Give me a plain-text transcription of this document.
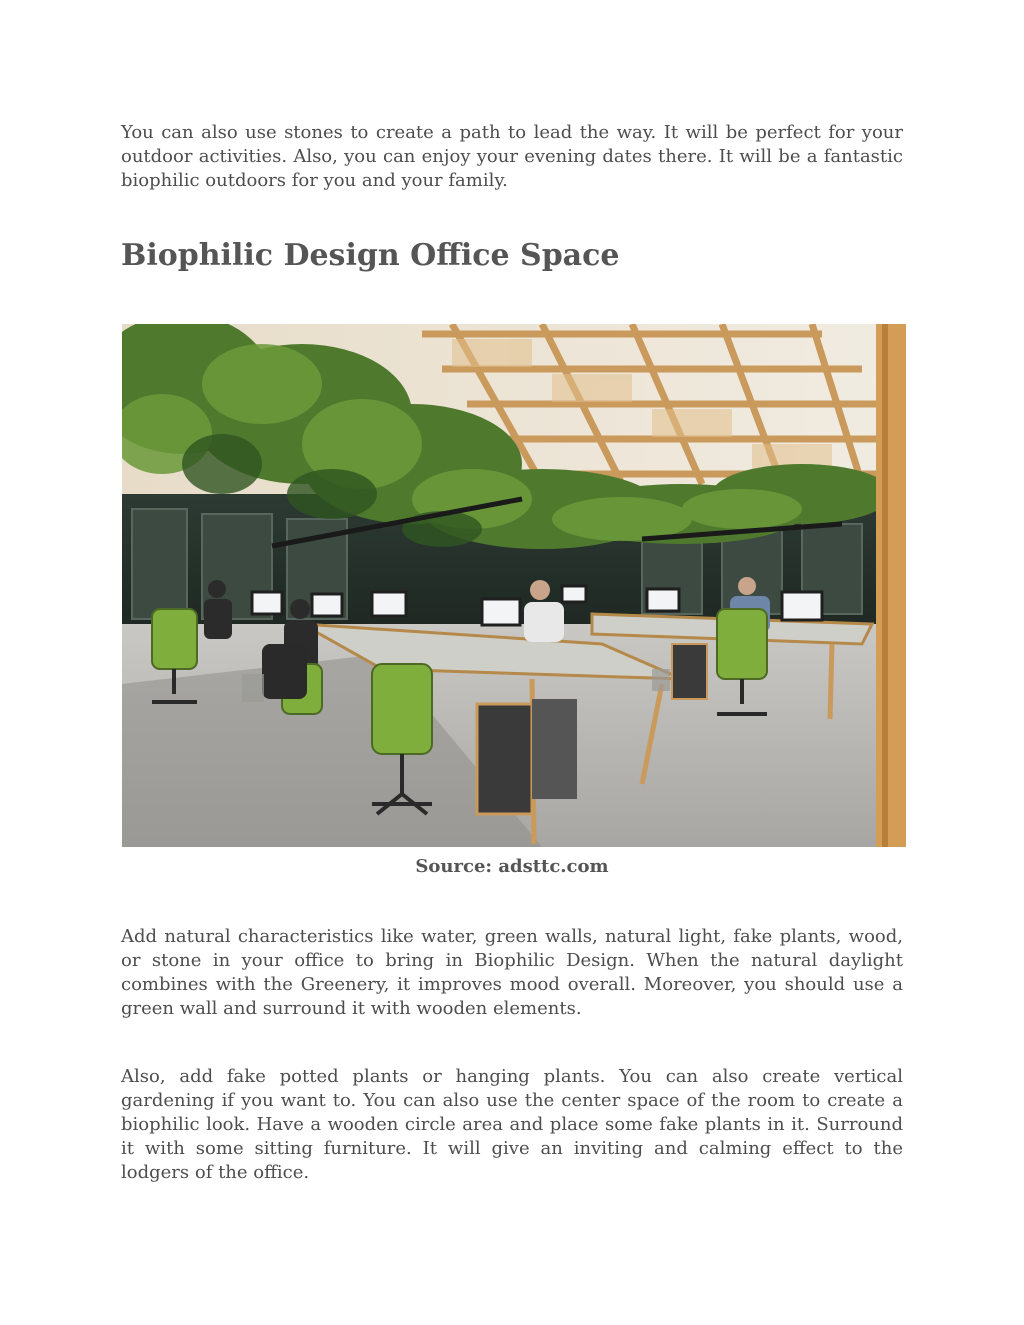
You can also use stones to create a path to lead the way. It will be perfect for your outdoor activities. Also, you can enjoy your evening dates there. It will be a fantastic biophilic outdoors for you and your family.

Biophilic Design Office Space

Source: adsttc.com

Add natural characteristics like water, green walls, natural light, fake plants, wood, or stone in your office to bring in Biophilic Design. When the natural daylight combines with the Greenery, it improves mood overall. Moreover, you should use a green wall and surround it with wooden elements.

Also, add fake potted plants or hanging plants. You can also create vertical gardening if you want to. You can also use the center space of the room to create a biophilic look. Have a wooden circle area and place some fake plants in it. Surround it with some sitting furniture. It will give an inviting and calming effect to the lodgers of the office.
